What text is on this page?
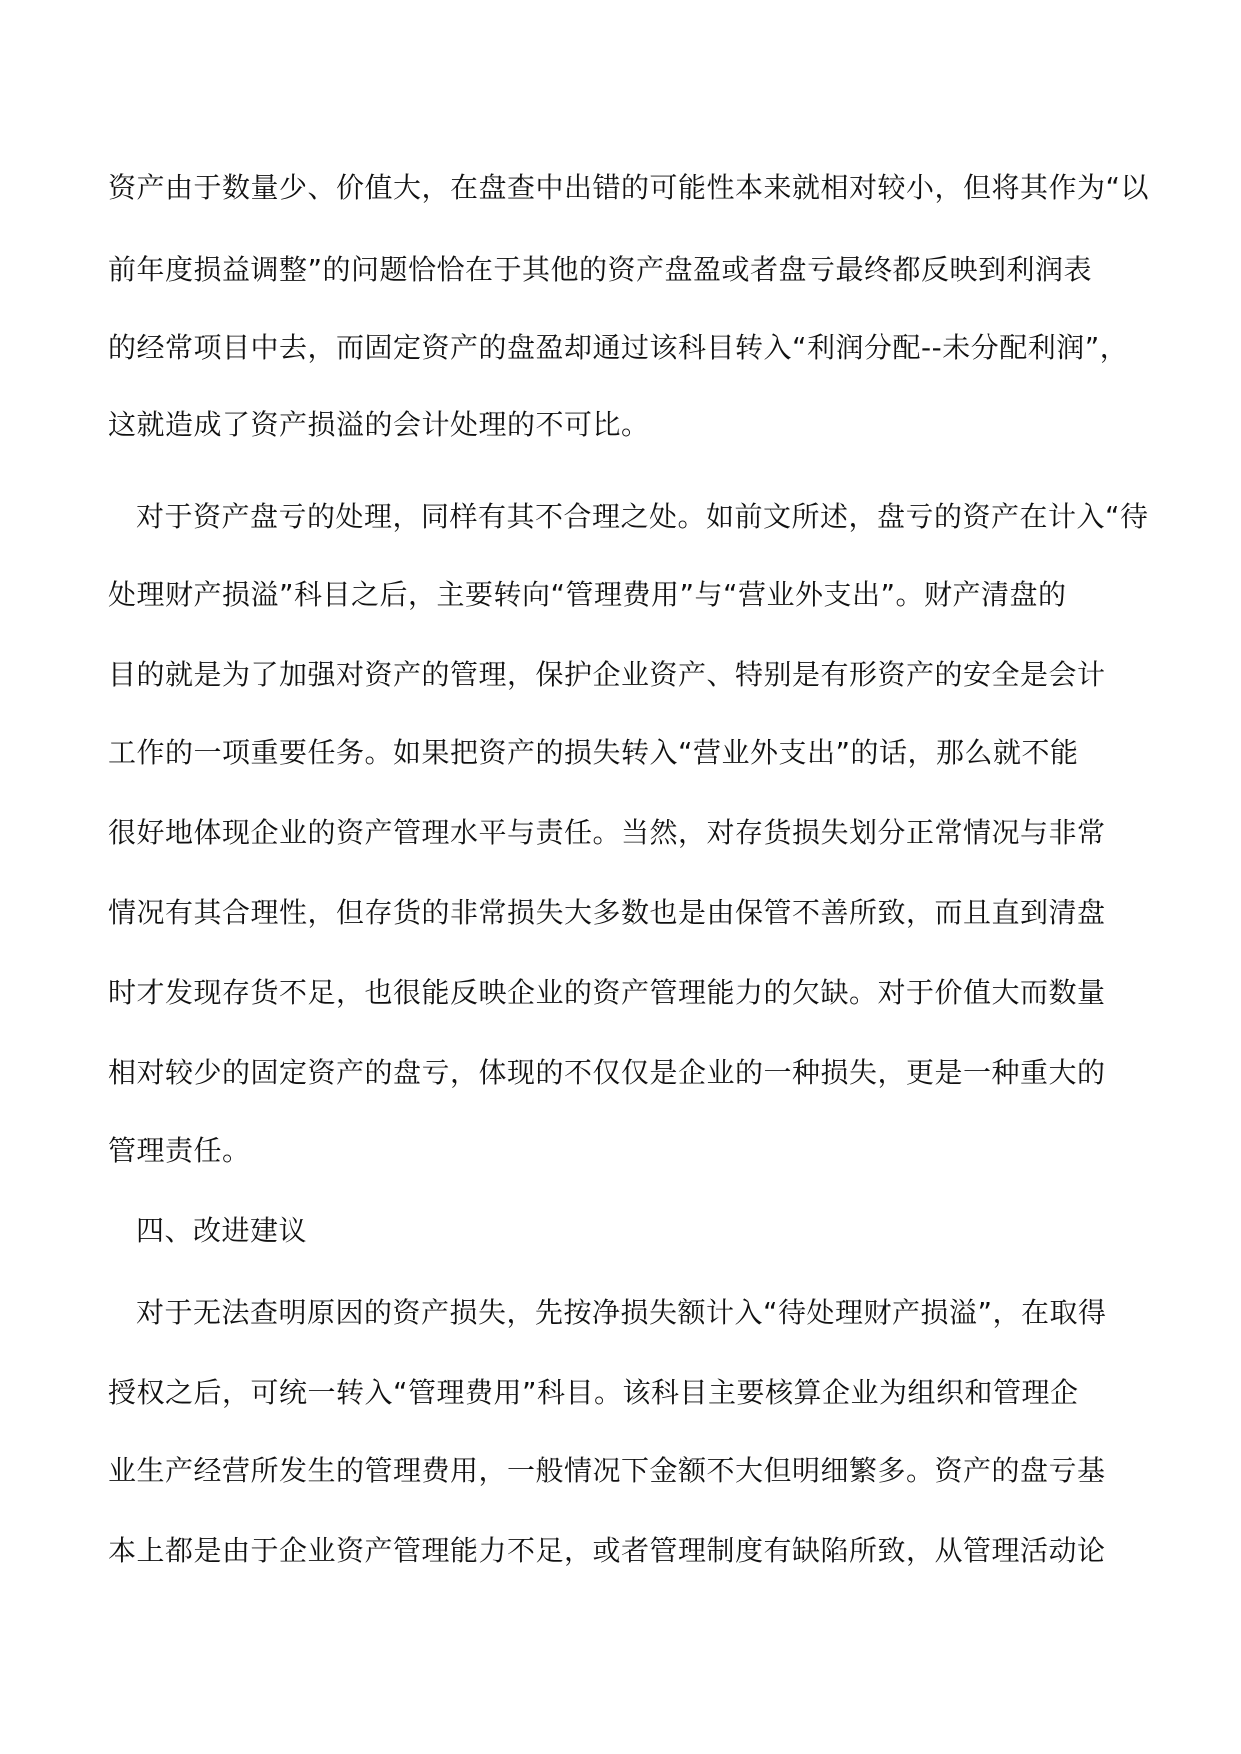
资产由于数量少、价值大，在盘查中出错的可能性本来就相对较小，但将其作为“以
前年度损益调整”的问题恰恰在于其他的资产盘盈或者盘亏最终都反映到利润表
的经常项目中去，而固定资产的盘盈却通过该科目转入“利润分配--未分配利润”，
这就造成了资产损溢的会计处理的不可比。
对于资产盘亏的处理，同样有其不合理之处。如前文所述，盘亏的资产在计入“待
处理财产损溢”科目之后，主要转向“管理费用”与“营业外支出”。财产清盘的
目的就是为了加强对资产的管理，保护企业资产、特别是有形资产的安全是会计
工作的一项重要任务。如果把资产的损失转入“营业外支出”的话，那么就不能
很好地体现企业的资产管理水平与责任。当然，对存货损失划分正常情况与非常
情况有其合理性，但存货的非常损失大多数也是由保管不善所致，而且直到清盘
时才发现存货不足，也很能反映企业的资产管理能力的欠缺。对于价值大而数量
相对较少的固定资产的盘亏，体现的不仅仅是企业的一种损失，更是一种重大的
管理责任。
四、改进建议
对于无法查明原因的资产损失，先按净损失额计入“待处理财产损溢”，在取得
授权之后，可统一转入“管理费用”科目。该科目主要核算企业为组织和管理企
业生产经营所发生的管理费用，一般情况下金额不大但明细繁多。资产的盘亏基
本上都是由于企业资产管理能力不足，或者管理制度有缺陷所致，从管理活动论
